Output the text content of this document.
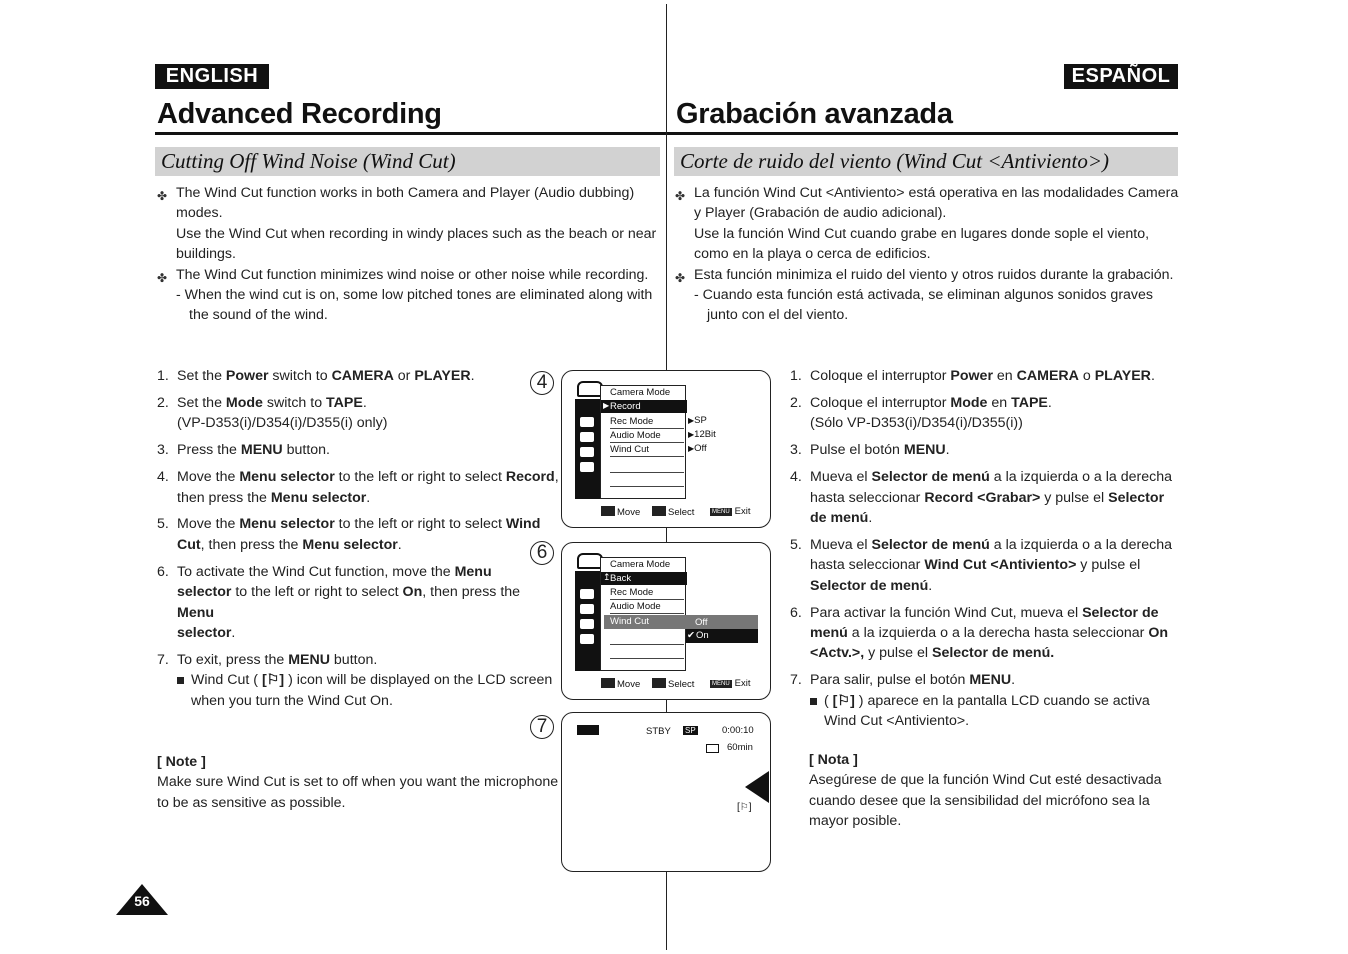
ENGLISH
Advanced Recording
Cutting Off Wind Noise (Wind Cut)
✤ The Wind Cut function works in both Camera and Player (Audio dubbing)
modes.
Use the Wind Cut when recording in windy places such as the beach or near
buildings.
✤ The Wind Cut function minimizes wind noise or other noise while recording.
- When the wind cut is on, some low pitched tones are eliminated along with
the sound of the wind.
1. Set the Power switch to CAMERA or PLAYER.
2. Set the Mode switch to TAPE.
(VP-D353(i)/D354(i)/D355(i) only)
3. Press the MENU button.
4. Move the Menu selector to the left or right to select Record,
then press the Menu selector.
5. Move the Menu selector to the left or right to select Wind
Cut, then press the Menu selector.
6. To activate the Wind Cut function, move the Menu
selector to the left or right to select On, then press the Menu
selector.
7. To exit, press the MENU button.
Wind Cut ( [⚐] ) icon will be displayed on the LCD screen
when you turn the Wind Cut On.
[ Note ]
Make sure Wind Cut is set to off when you want the microphone
to be as sensitive as possible.
56
4
6
7
Camera Mode
▶ Record
Rec Mode
Audio Mode
Wind Cut
▶SP
▶12Bit
▶Off
Move	Select	MENU Exit
Camera Mode
↥ Back
Rec Mode
Audio Mode
Wind Cut	Off
✔ On
Move	Select	MENU Exit
STBY SP	0:00:10
60min
[⚐]
ESPAÑOL
Grabación avanzada
Corte de ruido del viento (Wind Cut <Antiviento>)
✤ La función Wind Cut <Antiviento> está operativa en las modalidades Camera
y Player (Grabación de audio adicional).
Use la función Wind Cut cuando grabe en lugares donde sople el viento,
como en la playa o cerca de edificios.
✤ Esta función minimiza el ruido del viento y otros ruidos durante la grabación.
- Cuando esta función está activada, se eliminan algunos sonidos graves
junto con el del viento.
1. Coloque el interruptor Power en CAMERA o PLAYER.
2. Coloque el interruptor Mode en TAPE.
(Sólo VP-D353(i)/D354(i)/D355(i))
3. Pulse el botón MENU.
4. Mueva el Selector de menú a la izquierda o a la derecha
hasta seleccionar Record <Grabar> y pulse el Selector
de menú.
5. Mueva el Selector de menú a la izquierda o a la derecha
hasta seleccionar Wind Cut <Antiviento> y pulse el
Selector de menú.
6. Para activar la función Wind Cut, mueva el Selector de
menú a la izquierda o a la derecha hasta seleccionar On
<Actv.>, y pulse el Selector de menú.
7. Para salir, pulse el botón MENU.
( [⚐] ) aparece en la pantalla LCD cuando se activa
Wind Cut <Antiviento>.
[ Nota ]
Asegúrese de que la función Wind Cut esté desactivada
cuando desee que la sensibilidad del micrófono sea la
mayor posible.
